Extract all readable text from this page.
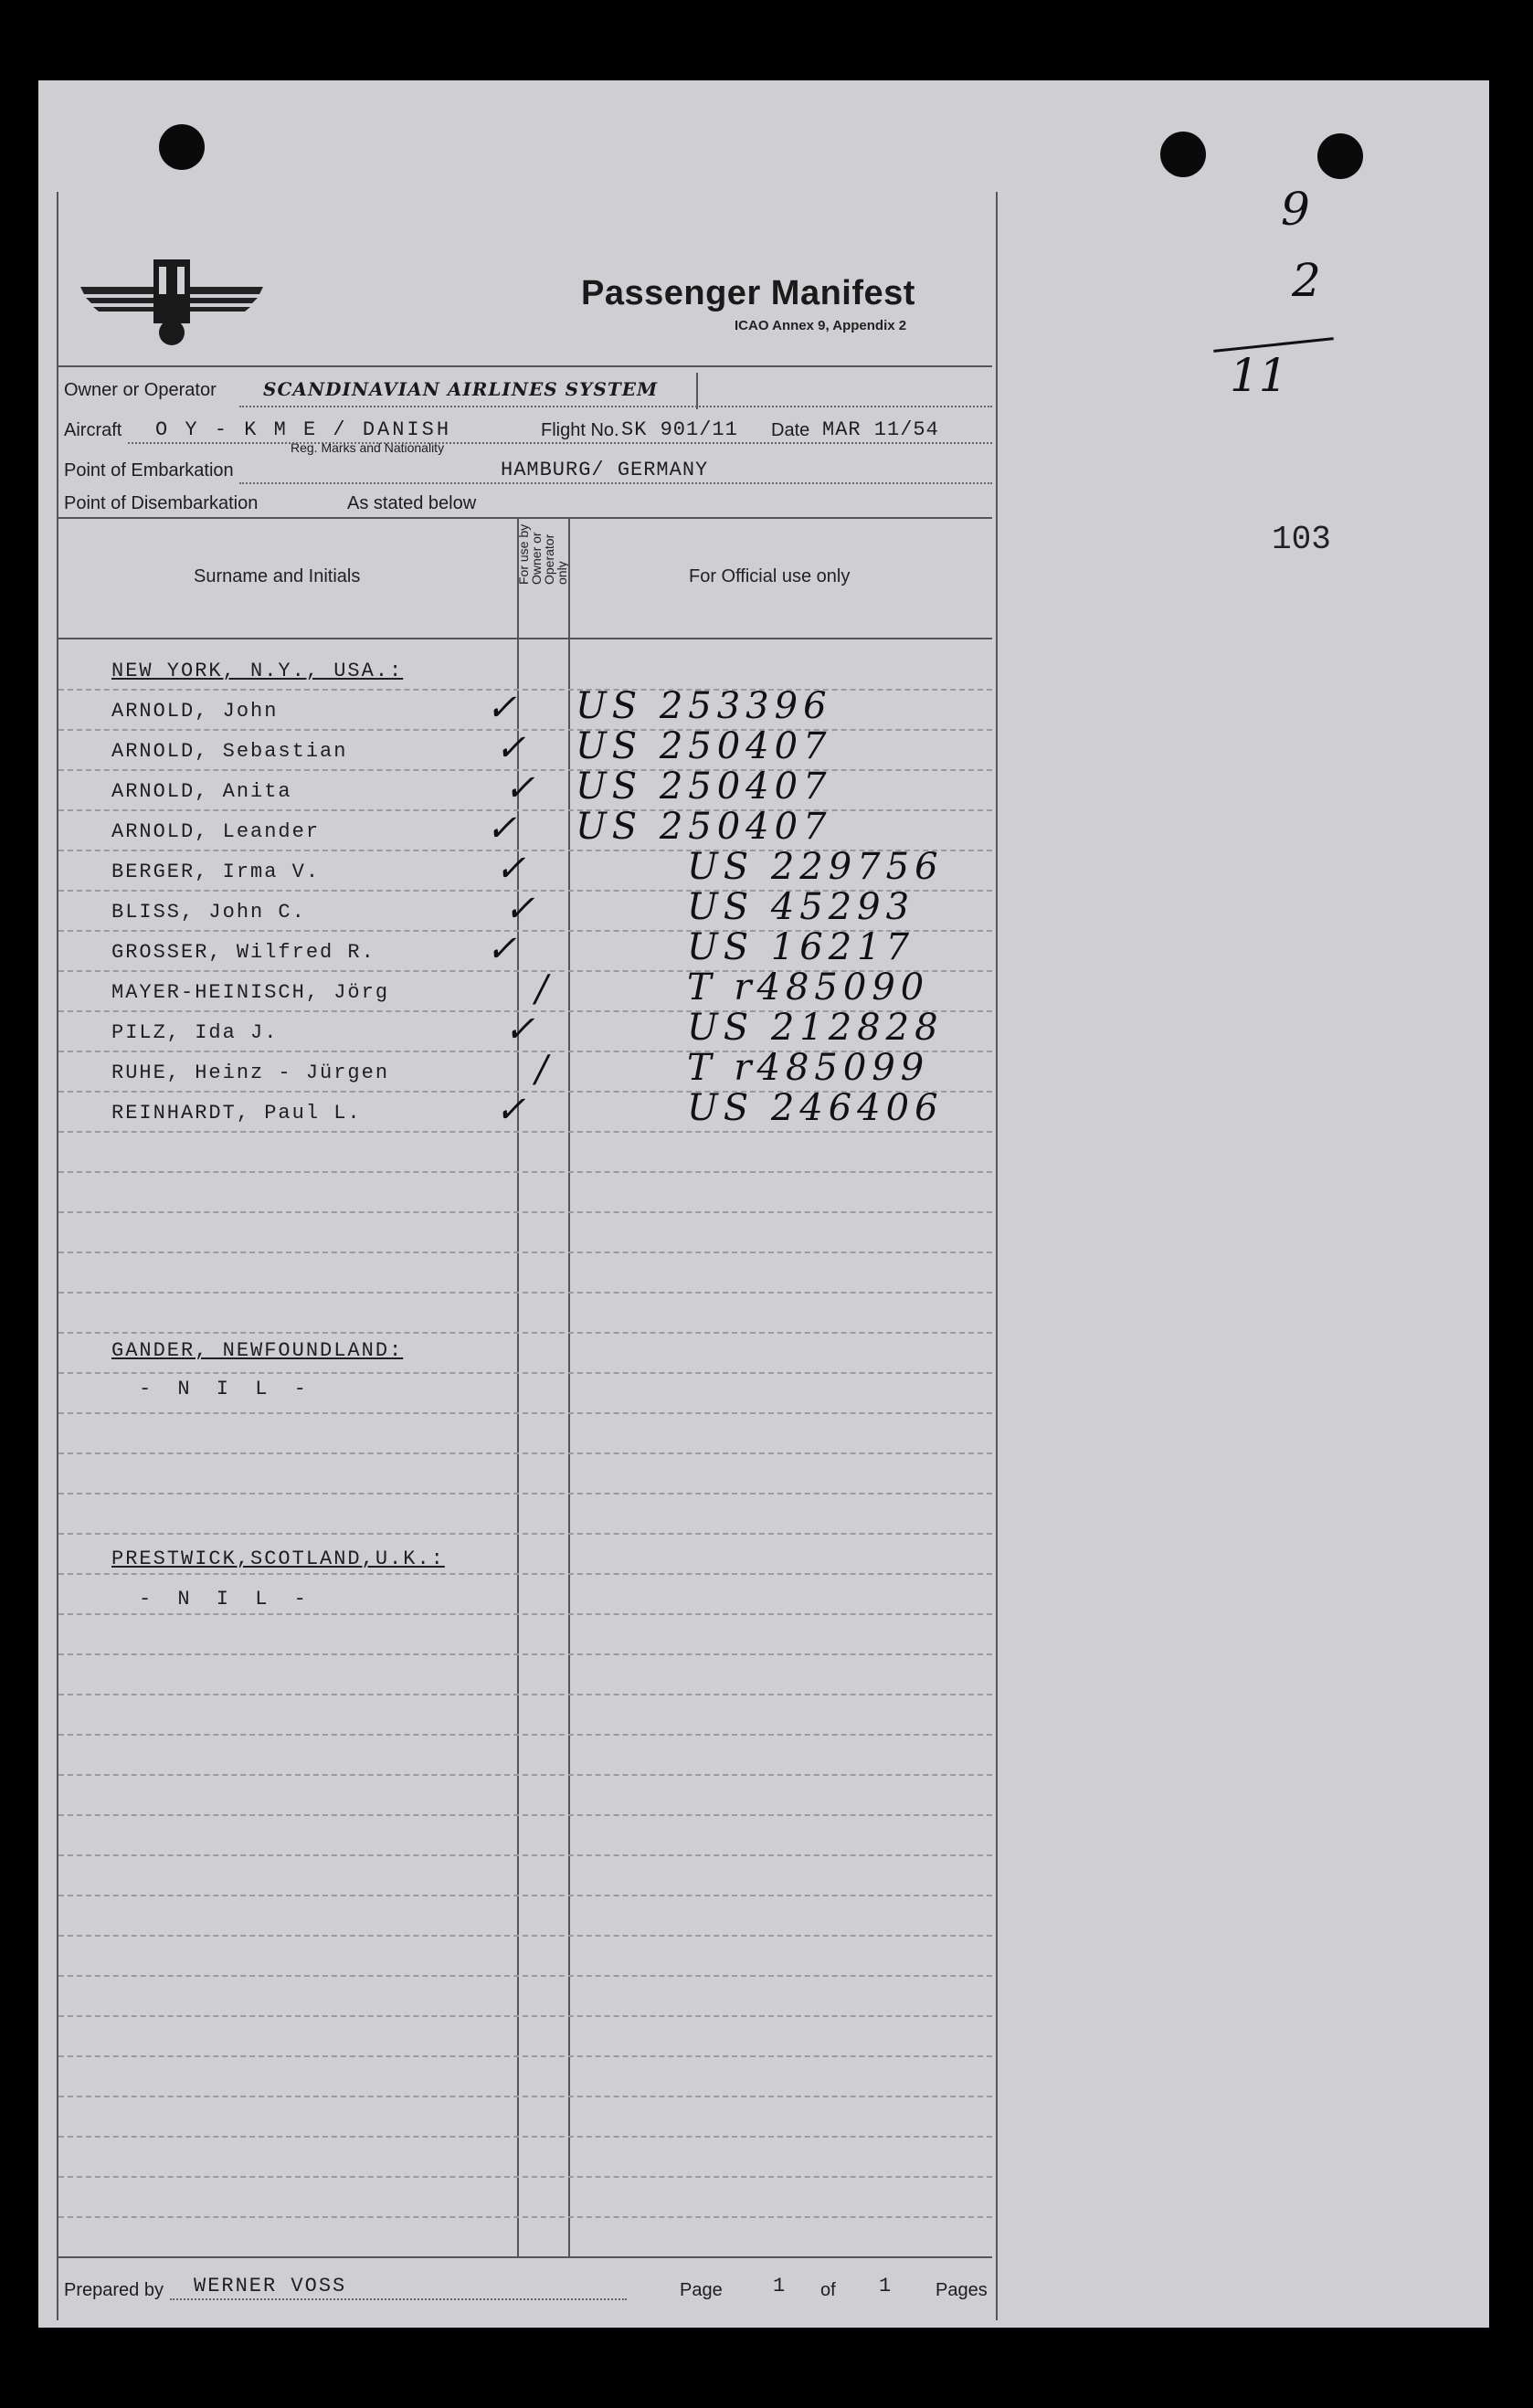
Passenger Manifest
ICAO Annex 9, Appendix 2
Owner or Operator	SCANDINAVIAN AIRLINES SYSTEM
Aircraft O Y - K M E / DANISH
Reg. Marks and Nationality
Flight No. SK 901/11 Date MAR 11/54
Point of Embarkation	HAMBURG/ GERMANY
Point of Disembarkation	As stated below
Surname and Initials	For use by Owner or Operator only	For Official use only
NEW YORK, N.Y., USA.:
ARNOLD, John	✓ US 253396
ARNOLD, Sebastian	✓ US 250407
ARNOLD, Anita	✓ US 250407
ARNOLD, Leander	✓ US 250407
BERGER, Irma V.	✓	US 229756
BLISS, John C.	✓	US 45293
GROSSER, Wilfred R.	✓	US 16217
MAYER-HEINISCH, Jörg	/	T r485090
PILZ, Ida J.	✓	US 212828
RUHE, Heinz - Jürgen	/	T r485099
REINHARDT, Paul L.	✓	US 246406
GANDER, NEWFOUNDLAND:
- N I L -
PRESTWICK,SCOTLAND,U.K.:
- N I L -
Prepared by WERNER VOSS	Page	1 of 1 Pages
9
2
11
103
